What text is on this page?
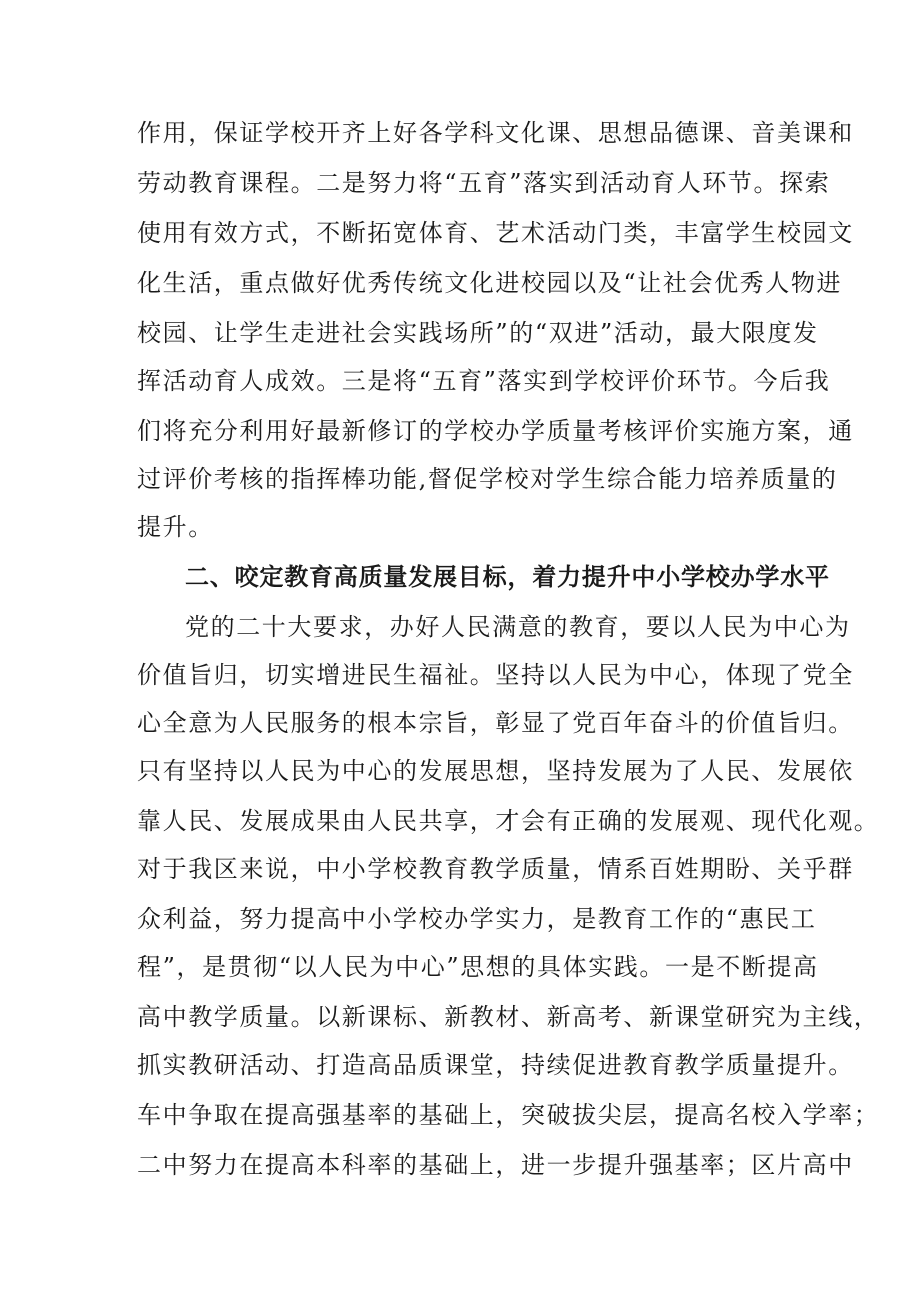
作用，保证学校开齐上好各学科文化课、思想品德课、音美课和
劳动教育课程。二是努力将“五育”落实到活动育人环节。探索
使用有效方式，不断拓宽体育、艺术活动门类，丰富学生校园文
化生活，重点做好优秀传统文化进校园以及“让社会优秀人物进
校园、让学生走进社会实践场所”的“双进”活动，最大限度发
挥活动育人成效。三是将“五育”落实到学校评价环节。今后我
们将充分利用好最新修订的学校办学质量考核评价实施方案，通
过评价考核的指挥棒功能,督促学校对学生综合能力培养质量的
提升。
二、咬定教育高质量发展目标，着力提升中小学校办学水平
党的二十大要求，办好人民满意的教育，要以人民为中心为
价值旨归，切实增进民生福祉。坚持以人民为中心，体现了党全
心全意为人民服务的根本宗旨，彰显了党百年奋斗的价值旨归。
只有坚持以人民为中心的发展思想，坚持发展为了人民、发展依
靠人民、发展成果由人民共享，才会有正确的发展观、现代化观。
对于我区来说，中小学校教育教学质量，情系百姓期盼、关乎群
众利益，努力提高中小学校办学实力，是教育工作的“惠民工
程”，是贯彻“以人民为中心”思想的具体实践。一是不断提高
高中教学质量。以新课标、新教材、新高考、新课堂研究为主线，
抓实教研活动、打造高品质课堂，持续促进教育教学质量提升。
车中争取在提高强基率的基础上，突破拔尖层，提高名校入学率；
二中努力在提高本科率的基础上，进一步提升强基率；区片高中
